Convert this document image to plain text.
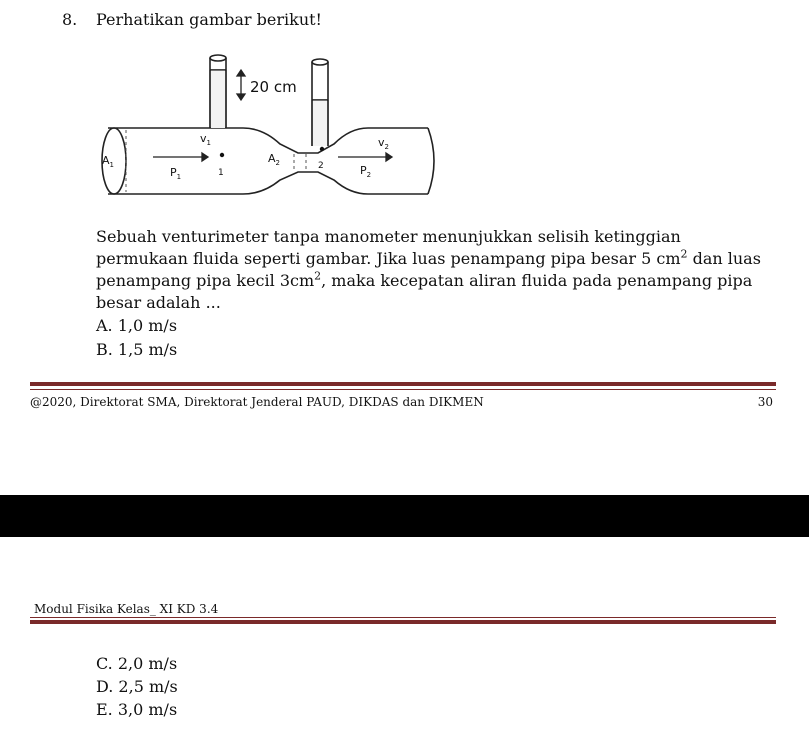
8. Perhatikan gambar berikut!
20 cm
$v_1$	$v_2$
$A_1$	$A_2$
$P_1$	$P_2$
1
2
Sebuah venturimeter tanpa manometer menunjukkan selisih ketinggian permukaan fluida seperti gambar. Jika luas penampang pipa besar 5 $cm^2$ dan luas penampang pipa kecil $3cm^2$, maka kecepatan aliran fluida pada penampang pipa besar adalah ...
A. 1,0 m/s
B. 1,5 m/s
@2020, Direktorat SMA, Direktorat Jenderal PAUD, DIKDAS dan DIKMEN	30
Modul Fisika Kelas_ XI KD 3.4
C. 2,0 m/s
D. 2,5 m/s
E. 3,0 m/s
